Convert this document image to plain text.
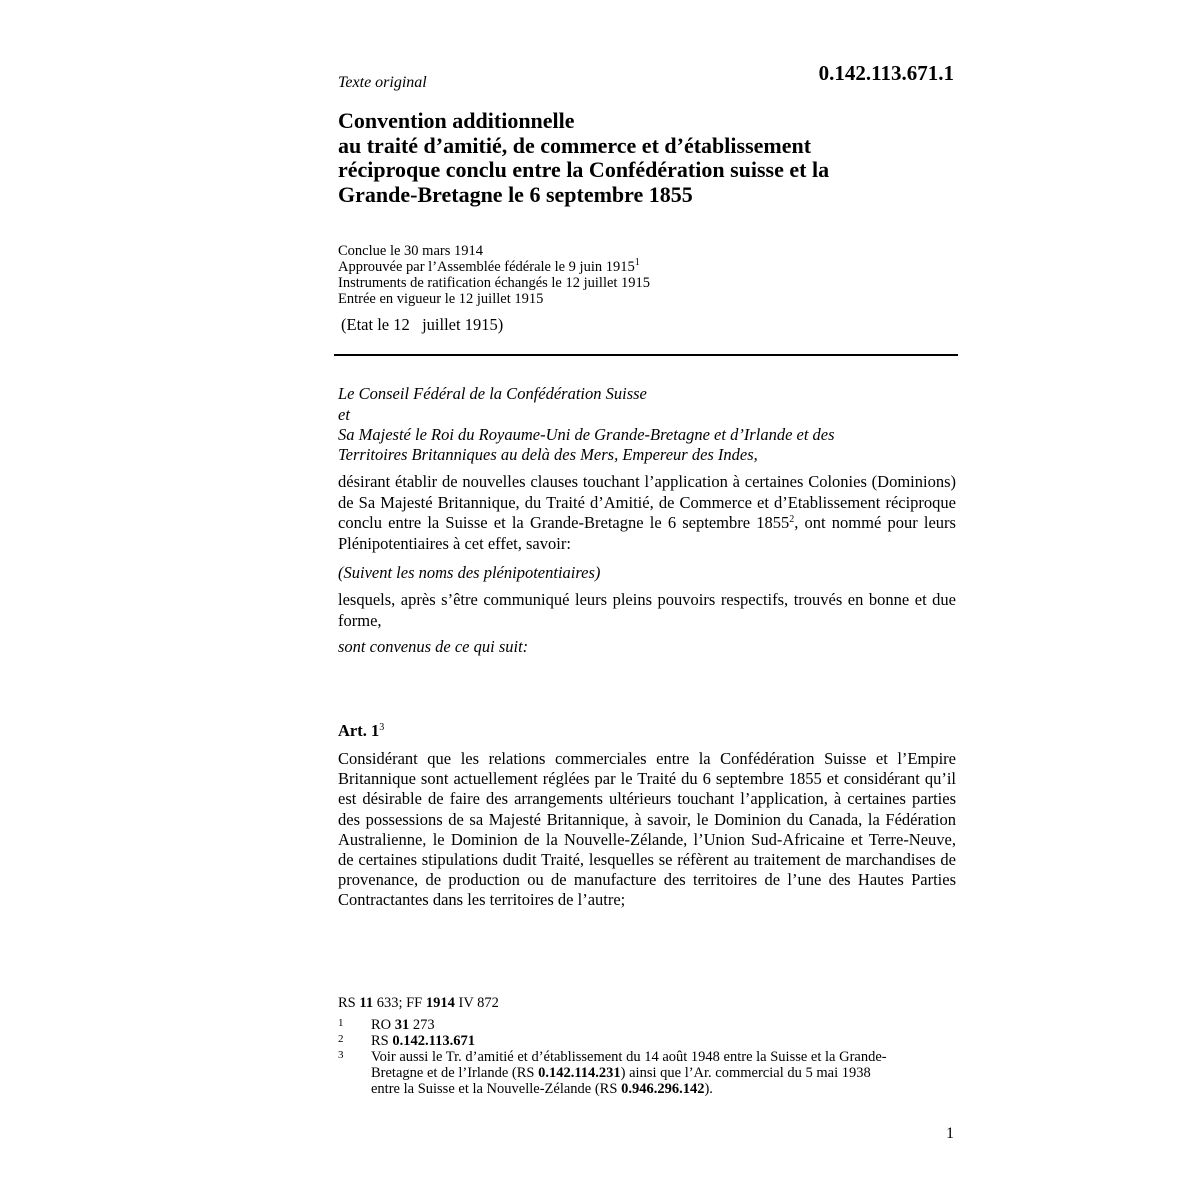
Texte original	0.142.113.671.1
Convention additionnelle
au traité d’amitié, de commerce et d’établissement
réciproque conclu entre la Confédération suisse et la
Grande-Bretagne le 6 septembre 1855
Conclue le 30 mars 1914
Approuvée par l’Assemblée fédérale le 9 juin 1915$^1$
Instruments de ratification échangés le 12 juillet 1915
Entrée en vigueur le 12 juillet 1915
(Etat le 12   juillet 1915)
Le Conseil Fédéral de la Confédération Suisse
et
Sa Majesté le Roi du Royaume-Uni de Grande-Bretagne et d’Irlande et des
Territoires Britanniques au delà des Mers, Empereur des Indes,
désirant établir de nouvelles clauses touchant l’application à certaines Colonies (Dominions) de Sa Majesté Britannique, du Traité d’Amitié, de Commerce et d’Etablissement réciproque conclu entre la Suisse et la Grande-Bretagne le 6 septembre 1855$^2$, ont nommé pour leurs Plénipotentiaires à cet effet, savoir:
(Suivent les noms des plénipotentiaires)
lesquels, après s’être communiqué leurs pleins pouvoirs respectifs, trouvés en bonne et due forme,
sont convenus de ce qui suit:
Art. $1^3$
Considérant que les relations commerciales entre la Confédération Suisse et l’Empire Britannique sont actuellement réglées par le Traité du 6 septembre 1855 et considérant qu’il est désirable de faire des arrangements ultérieurs touchant l’application, à certaines parties des possessions de sa Majesté Britannique, à savoir, le Dominion du Canada, la Fédération Australienne, le Dominion de la Nouvelle-Zélande, l’Union Sud-Africaine et Terre-Neuve, de certaines stipulations dudit Traité, lesquelles se réfèrent au traitement de marchandises de provenance, de production ou de manufacture des territoires de l’une des Hautes Parties Contractantes dans les territoires de l’autre;
RS 11 633; FF 1914 IV 872
1 RO 31 273
2 RS 0.142.113.671
3 Voir aussi le Tr. d’amitié et d’établissement du 14 août 1948 entre la Suisse et la Grande-
Bretagne et de l’Irlande (RS 0.142.114.231) ainsi que l’Ar. commercial du 5 mai 1938
entre la Suisse et la Nouvelle-Zélande (RS 0.946.296.142).
1
